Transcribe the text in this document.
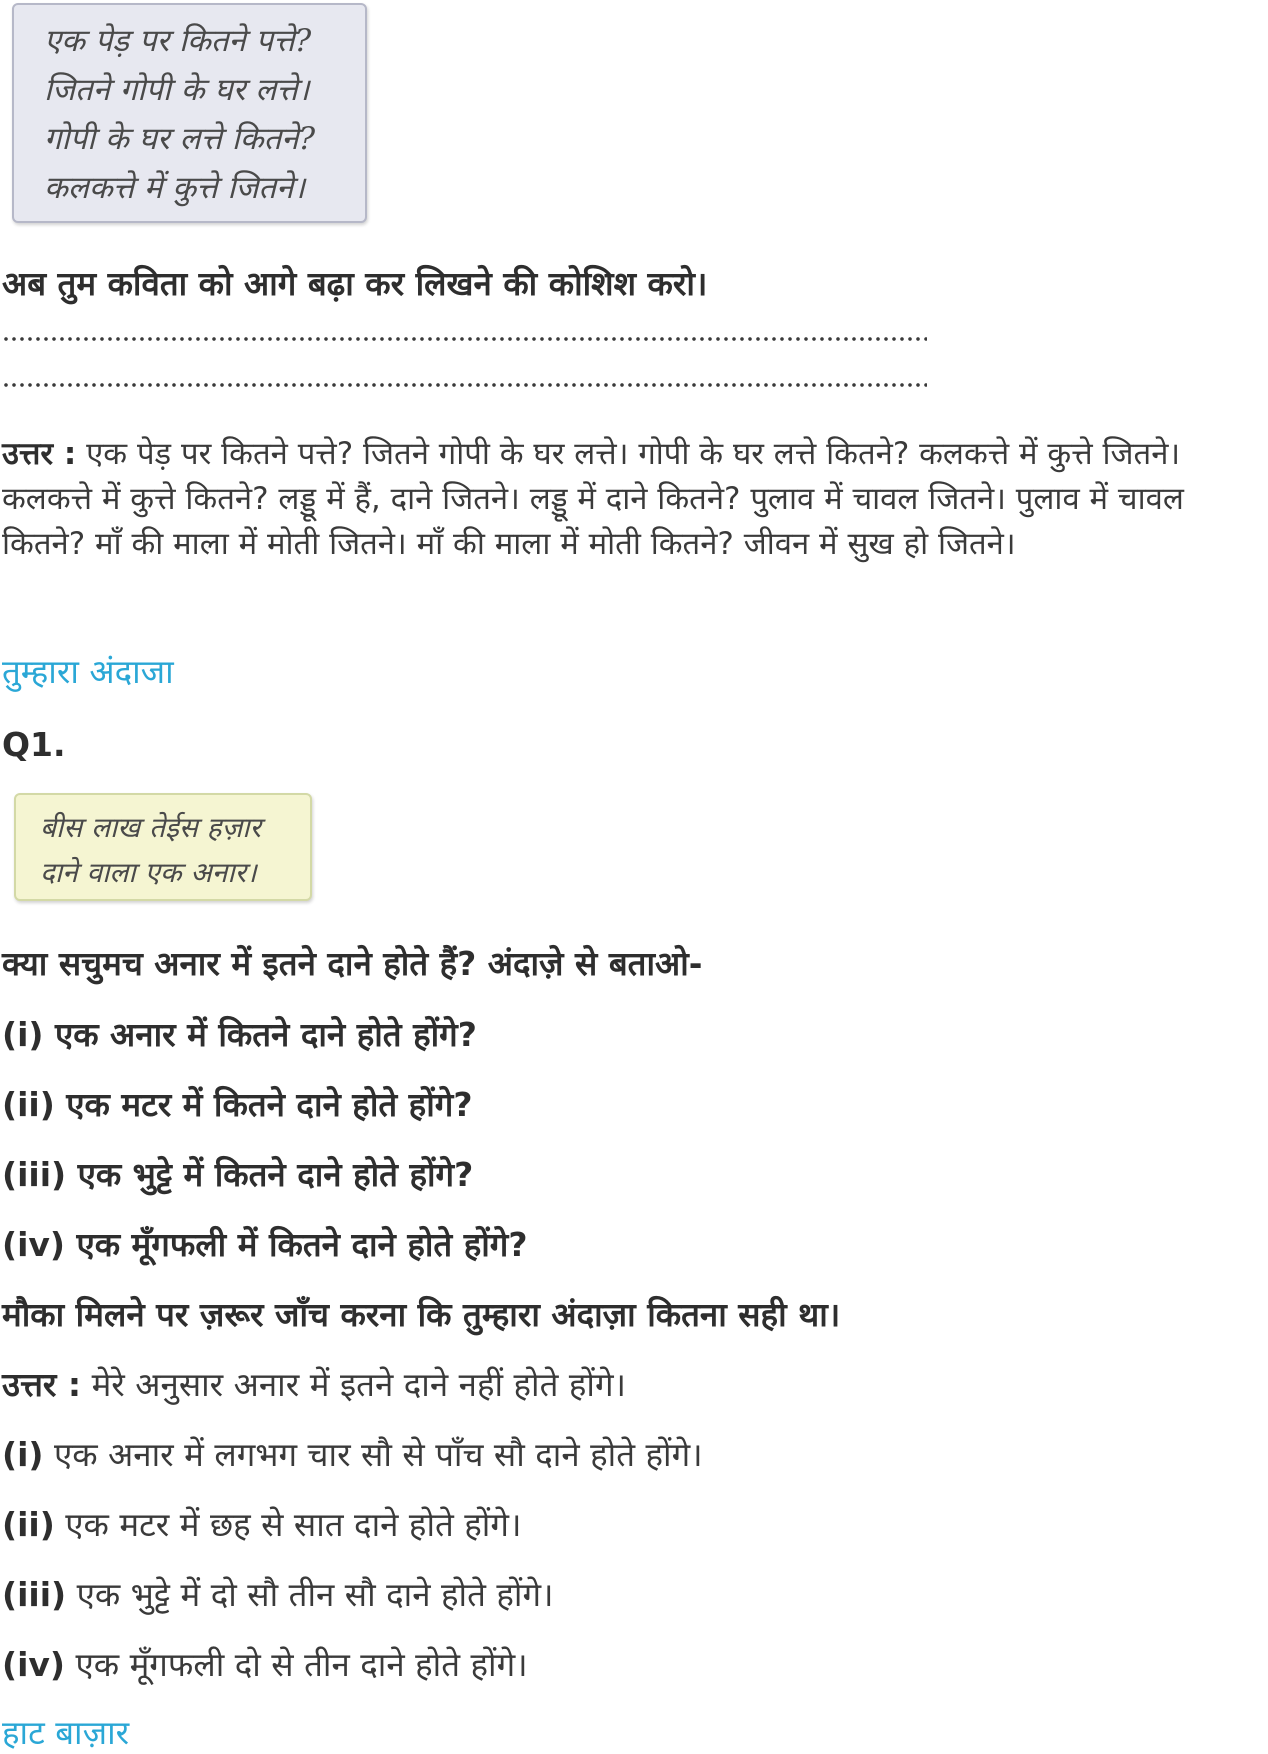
एक पेड़ पर कितने पत्ते?
जितने गोपी के घर लत्ते।
गोपी के घर लत्ते कितने?
कलकत्ते में कुत्ते जितने।
अब तुम कविता को आगे बढ़ा कर लिखने की कोशिश करो।
उत्तर : एक पेड़ पर कितने पत्ते? जितने गोपी के घर लत्ते। गोपी के घर लत्ते कितने? कलकत्ते में कुत्ते जितने। कलकत्ते में कुत्ते कितने? लड्डू में हैं, दाने जितने। लड्डू में दाने कितने? पुलाव में चावल जितने। पुलाव में चावल कितने? माँ की माला में मोती जितने। माँ की माला में मोती कितने? जीवन में सुख हो जितने।
तुम्हारा अंदाजा
Q1.
बीस लाख तेईस हज़ार
दाने वाला एक अनार।
क्या सचुमच अनार में इतने दाने होते हैं? अंदाज़े से बताओ-
(i) एक अनार में कितने दाने होते होंगे?
(ii) एक मटर में कितने दाने होते होंगे?
(iii) एक भुट्टे में कितने दाने होते होंगे?
(iv) एक मूँगफली में कितने दाने होते होंगे?
मौका मिलने पर ज़रूर जाँच करना कि तुम्हारा अंदाज़ा कितना सही था।
उत्तर : मेरे अनुसार अनार में इतने दाने नहीं होते होंगे।
(i) एक अनार में लगभग चार सौ से पाँच सौ दाने होते होंगे।
(ii) एक मटर में छह से सात दाने होते होंगे।
(iii) एक भुट्टे में दो सौ तीन सौ दाने होते होंगे।
(iv) एक मूँगफली दो से तीन दाने होते होंगे।
हाट बाज़ार
